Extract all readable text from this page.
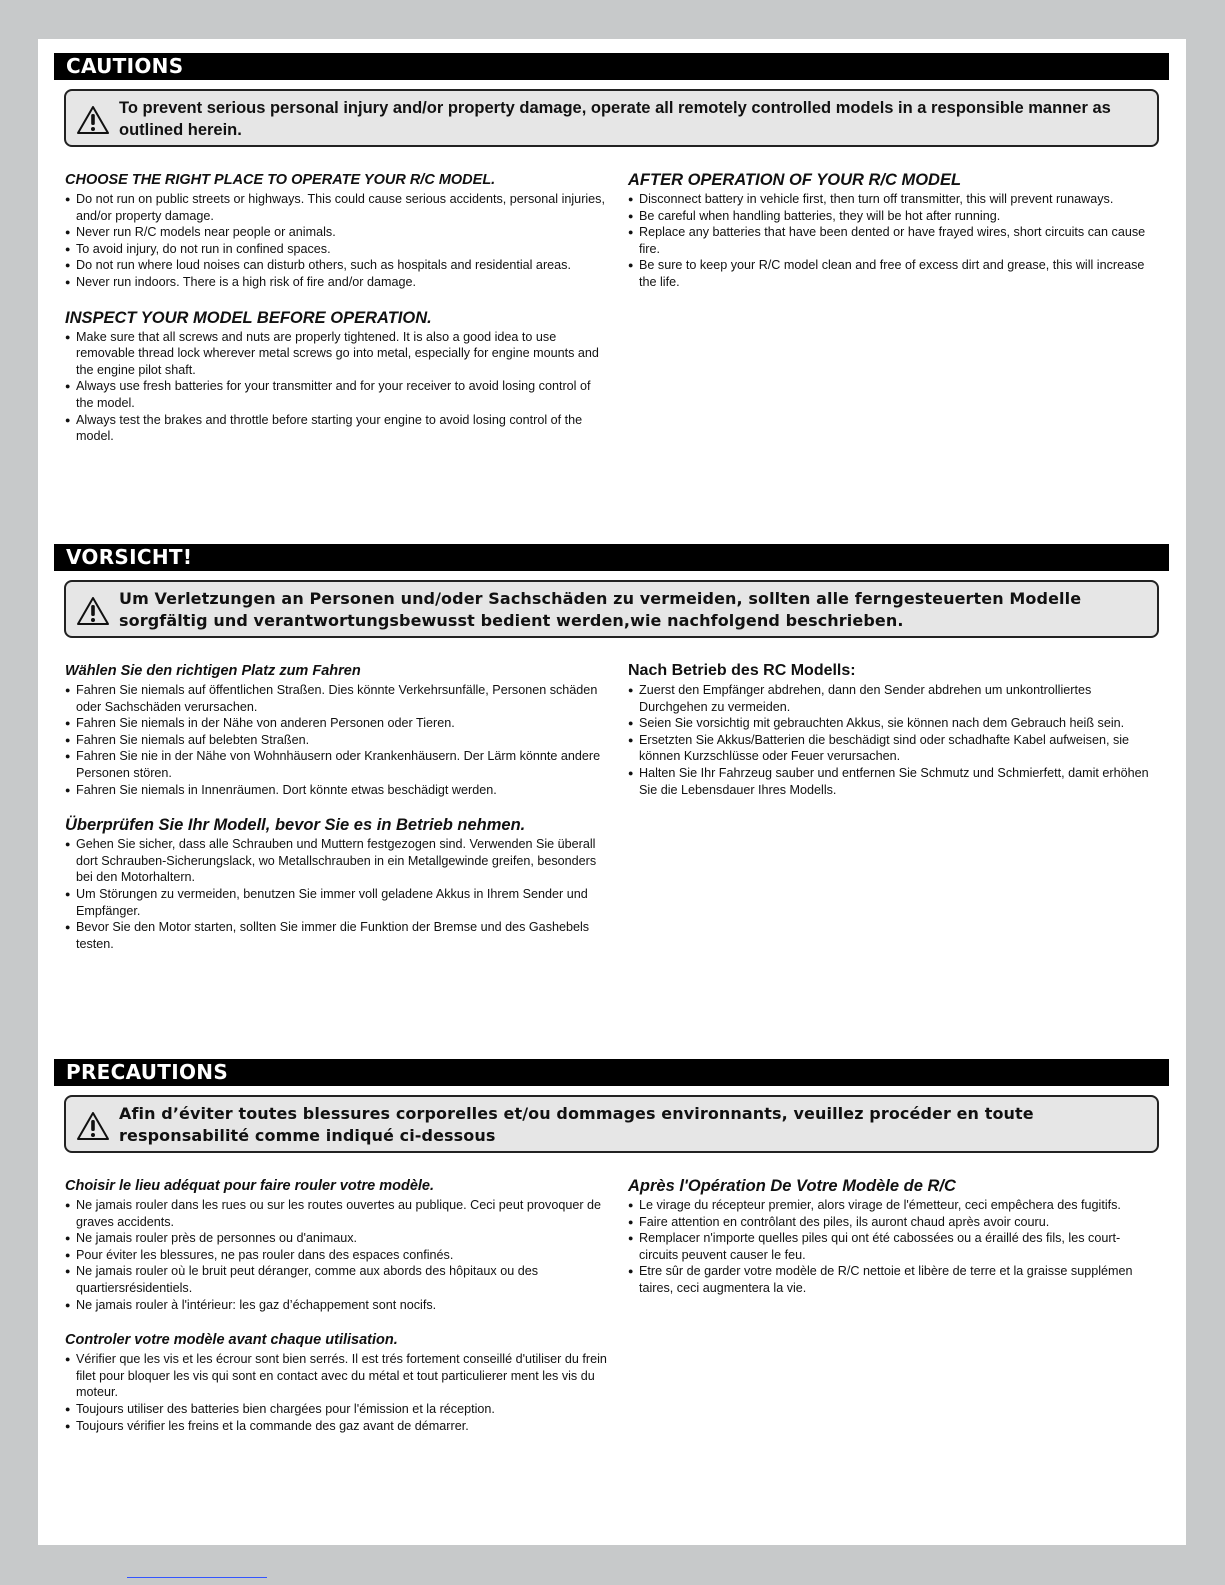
CAUTIONS
To prevent serious personal injury and/or property damage, operate all remotely controlled models in a responsible manner as outlined herein.
CHOOSE THE RIGHT PLACE TO OPERATE YOUR R/C MODEL.
● Do not run on public streets or highways. This could cause serious accidents, personal injuries, and/or property damage.
● Never run R/C models near people or animals.
● To avoid injury, do not run in confined spaces.
● Do not run where loud noises can disturb others, such as hospitals and residential areas.
● Never run indoors. There is a high risk of fire and/or damage.
INSPECT YOUR MODEL BEFORE OPERATION.
● Make sure that all screws and nuts are properly tightened. It is also a good idea to use removable thread lock wherever metal screws go into metal, especially for engine mounts and the engine pilot shaft.
● Always use fresh batteries for your transmitter and for your receiver to avoid losing control of the model.
● Always test the brakes and throttle before starting your engine to avoid losing control of the model.
AFTER OPERATION OF YOUR R/C MODEL
● Disconnect battery in vehicle first, then turn off transmitter, this will prevent runaways.
● Be careful when handling batteries, they will be hot after running.
● Replace any batteries that have been dented or have frayed wires, short circuits can cause fire.
● Be sure to keep your R/C model clean and free of excess dirt and grease, this will increase the life.
VORSICHT!
Um Verletzungen an Personen und/oder Sachschäden zu vermeiden, sollten alle ferngesteuerten Modelle sorgfältig und verantwortungsbewusst bedient werden,wie nachfolgend beschrieben.
Wählen Sie den richtigen Platz zum Fahren
● Fahren Sie niemals auf öffentlichen Straßen. Dies könnte Verkehrsunfälle, Personen schäden oder Sachschäden verursachen.
● Fahren Sie niemals in der Nähe von anderen Personen oder Tieren.
● Fahren Sie niemals auf belebten Straßen.
● Fahren Sie nie in der Nähe von Wohnhäusern oder Krankenhäusern. Der Lärm könnte andere Personen stören.
● Fahren Sie niemals in Innenräumen. Dort könnte etwas beschädigt werden.
Überprüfen Sie Ihr Modell, bevor Sie es in Betrieb nehmen.
● Gehen Sie sicher, dass alle Schrauben und Muttern festgezogen sind. Verwenden Sie überall dort Schrauben-Sicherungslack, wo Metallschrauben in ein Metallgewinde greifen, besonders bei den Motorhaltern.
● Um Störungen zu vermeiden, benutzen Sie immer voll geladene Akkus in Ihrem Sender und Empfänger.
● Bevor Sie den Motor starten, sollten Sie immer die Funktion der Bremse und des Gashebels testen.
Nach Betrieb des RC Modells:
● Zuerst den Empfänger abdrehen, dann den Sender abdrehen um unkontrolliertes Durchgehen zu vermeiden.
● Seien Sie vorsichtig mit gebrauchten Akkus, sie können nach dem Gebrauch heiß sein.
● Ersetzten Sie Akkus/Batterien die beschädigt sind oder schadhafte Kabel aufweisen, sie können Kurzschlüsse oder Feuer verursachen.
● Halten Sie Ihr Fahrzeug sauber und entfernen Sie Schmutz und Schmierfett, damit erhöhen Sie die Lebensdauer Ihres Modells.
PRECAUTIONS
Afin d’éviter toutes blessures corporelles et/ou dommages environnants, veuillez procéder en toute responsabilité comme indiqué ci-dessous
Choisir le lieu adéquat pour faire rouler votre modèle.
● Ne jamais rouler dans les rues ou sur les routes ouvertes au publique. Ceci peut provoquer de graves accidents.
● Ne jamais rouler près de personnes ou d'animaux.
● Pour éviter les blessures, ne pas rouler dans des espaces confinés.
● Ne jamais rouler où le bruit peut déranger, comme aux abords des hôpitaux ou des quartiersrésidentiels.
● Ne jamais rouler à l'intérieur: les gaz d’échappement sont nocifs.
Controler votre modèle avant chaque utilisation.
● Vérifier que les vis et les écrour sont bien serrés. Il est trés fortement conseillé d'utiliser du frein filet pour bloquer les vis qui sont en contact avec du métal et tout particulierer ment les vis du moteur.
● Toujours utiliser des batteries bien chargées pour l'émission et la réception.
● Toujours vérifier les freins et la commande des gaz avant de démarrer.
Après l'Opération De Votre Modèle de R/C
● Le virage du récepteur premier, alors virage de l'émetteur, ceci empêchera des fugitifs.
● Faire attention en contrôlant des piles, ils auront chaud après avoir couru.
● Remplacer n'importe quelles piles qui ont été cabossées ou a éraillé des fils, les court-circuits peuvent causer le feu.
● Etre sûr de garder votre modèle de R/C nettoie et libère de terre et la graisse supplémen taires, ceci augmentera la vie.
